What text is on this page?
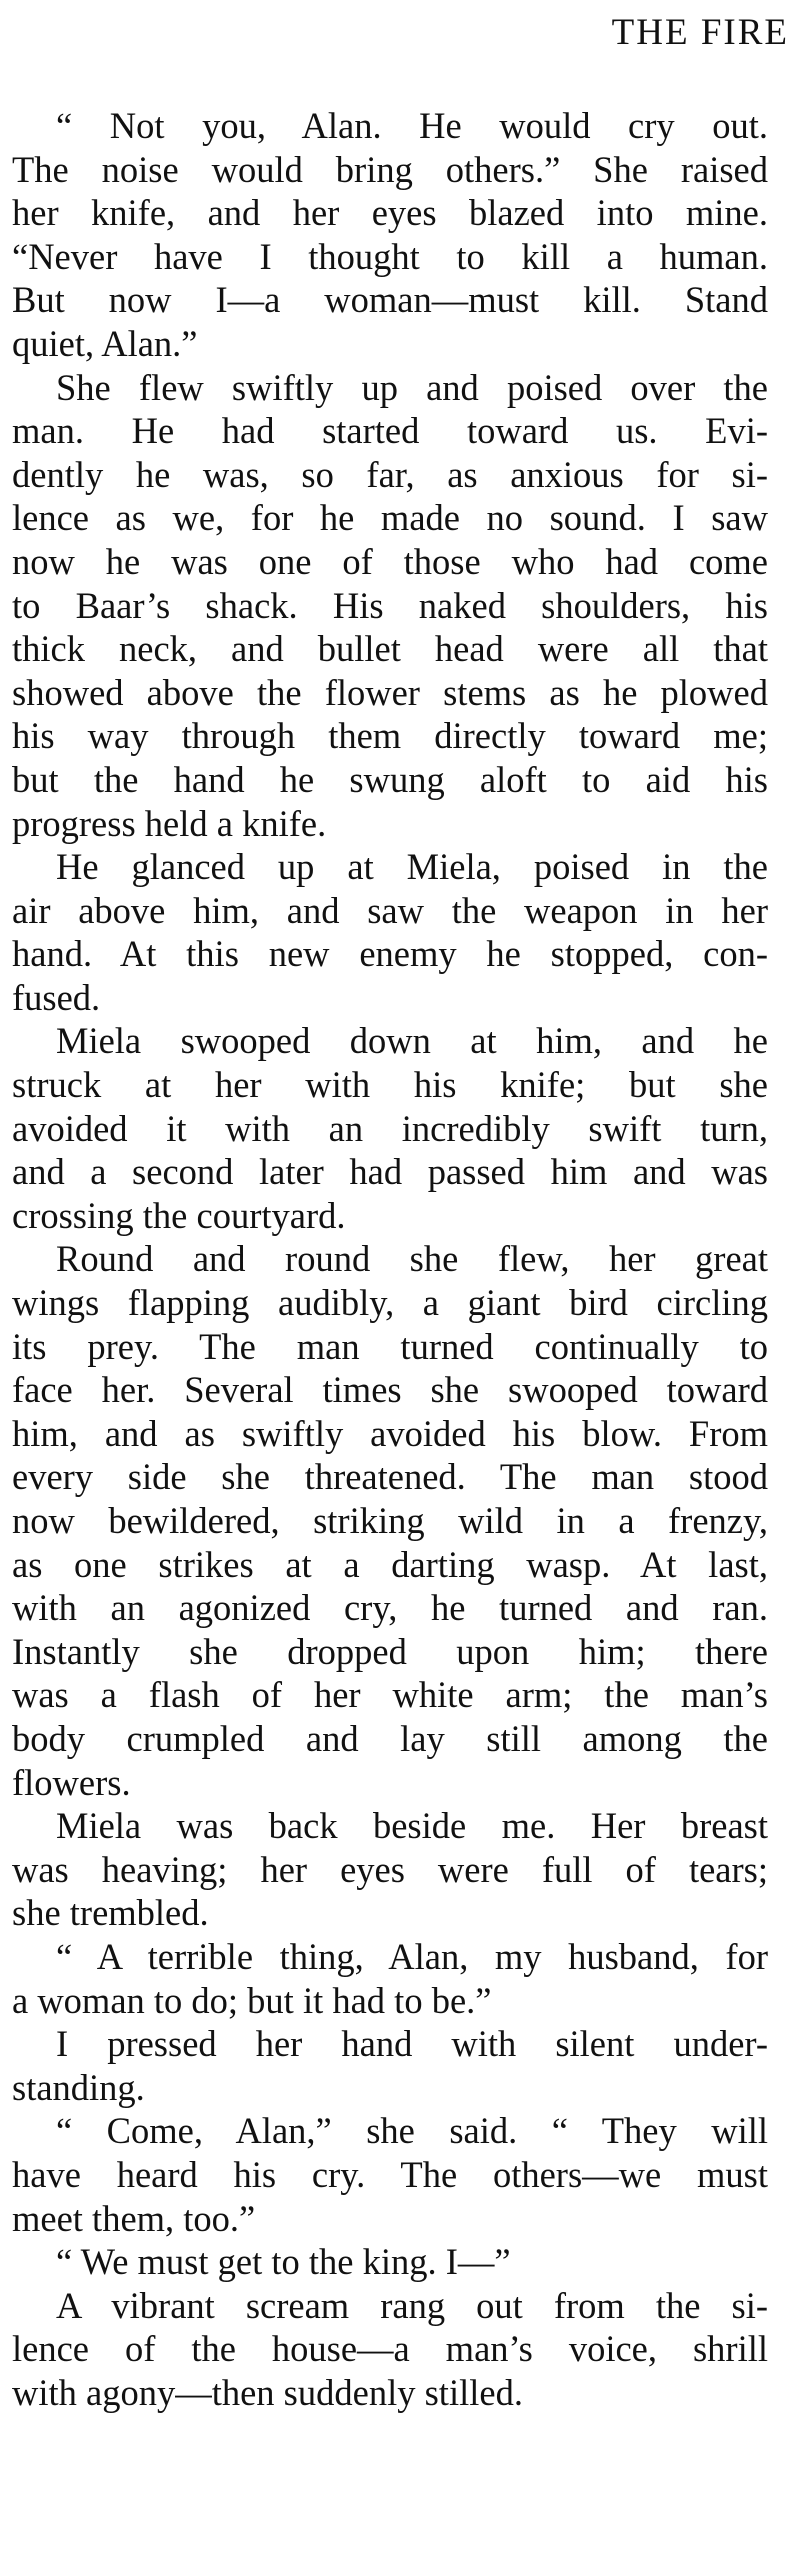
THE FIRE

“ Not you, Alan. He would cry out.
The noise would bring others.” She raised
her knife, and her eyes blazed into mine.
“Never have I thought to kill a human.
But now I—a woman—must kill. Stand
quiet, Alan.”

She flew swiftly up and poised over the
man. He had started toward us. Evi-
dently he was, so far, as anxious for si-
lence as we, for he made no sound. I saw
now he was one of those who had come
to Baar’s shack. His naked shoulders, his
thick neck, and bullet head were all that
showed above the flower stems as he plowed
his way through them directly toward me;
but the hand he swung aloft to aid his
progress held a knife.

He glanced up at Miela, poised in the
air above him, and saw the weapon in her
hand. At this new enemy he stopped, con-
fused.

Miela swooped down at him, and he
struck at her with his knife; but she
avoided it with an incredibly swift turn,
and a second later had passed him and was
crossing the courtyard.

Round and round she flew, her great
wings flapping audibly, a giant bird circling
its prey. The man turned continually to
face her. Several times she swooped toward
him, and as swiftly avoided his blow. From
every side she threatened. The man stood
now bewildered, striking wild in a frenzy,
as one strikes at a darting wasp. At last,
with an agonized cry, he turned and ran.
Instantly she dropped upon him; there
was a flash of her white arm; the man’s
body crumpled and lay still among the
flowers.

Miela was back beside me. Her breast
was heaving; her eyes were full of tears;
she trembled.

“ A terrible thing, Alan, my husband, for
a woman to do; but it had to be.”

I pressed her hand with silent under-
standing.

“ Come, Alan,” she said. “ They will
have heard his cry. The others—we must
meet them, too.”

“ We must get to the king. I—”

A vibrant scream rang out from the si-
lence of the house—a man’s voice, shrill
with agony—then suddenly stilled.
